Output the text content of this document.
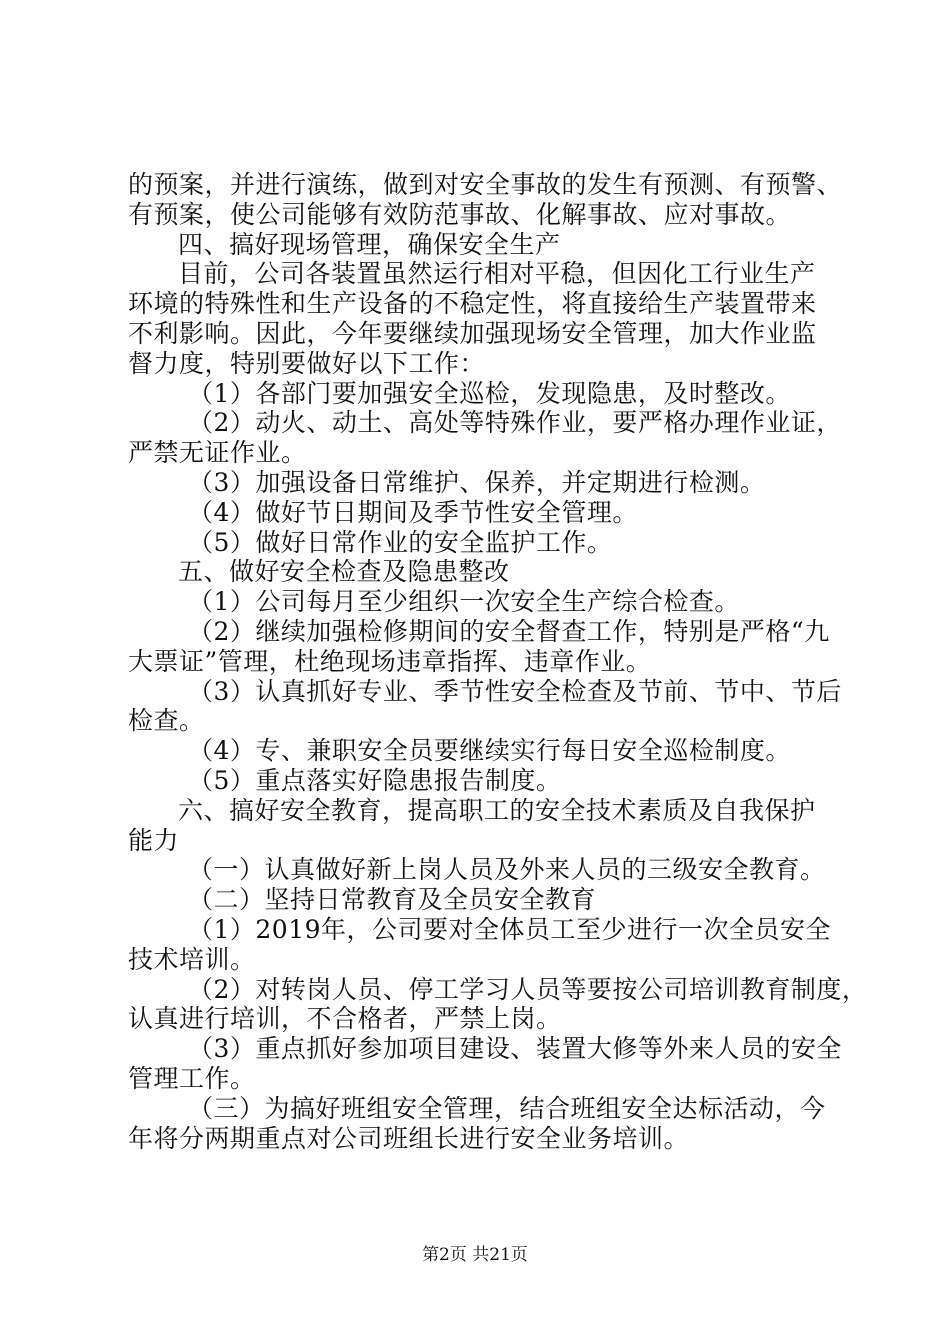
的预案，并进行演练，做到对安全事故的发生有预测、有预警、
有预案，使公司能够有效防范事故、化解事故、应对事故。
四、搞好现场管理，确保安全生产
目前，公司各装置虽然运行相对平稳，但因化工行业生产
环境的特殊性和生产设备的不稳定性，将直接给生产装置带来
不利影响。因此，今年要继续加强现场安全管理，加大作业监
督力度，特别要做好以下工作：
（1）各部门要加强安全巡检，发现隐患，及时整改。
（2）动火、动土、高处等特殊作业，要严格办理作业证，
严禁无证作业。
（3）加强设备日常维护、保养，并定期进行检测。
（4）做好节日期间及季节性安全管理。
（5）做好日常作业的安全监护工作。
五、做好安全检查及隐患整改
（1）公司每月至少组织一次安全生产综合检查。
（2）继续加强检修期间的安全督查工作，特别是严格“九
大票证”管理，杜绝现场违章指挥、违章作业。
（3）认真抓好专业、季节性安全检查及节前、节中、节后
检查。
（4）专、兼职安全员要继续实行每日安全巡检制度。
（5）重点落实好隐患报告制度。
六、搞好安全教育，提高职工的安全技术素质及自我保护
能力
（一）认真做好新上岗人员及外来人员的三级安全教育。
（二）坚持日常教育及全员安全教育
（1）2019年，公司要对全体员工至少进行一次全员安全
技术培训。
（2）对转岗人员、停工学习人员等要按公司培训教育制度，
认真进行培训，不合格者，严禁上岗。
（3）重点抓好参加项目建设、装置大修等外来人员的安全
管理工作。
（三）为搞好班组安全管理，结合班组安全达标活动，今
年将分两期重点对公司班组长进行安全业务培训。
第2页 共21页
